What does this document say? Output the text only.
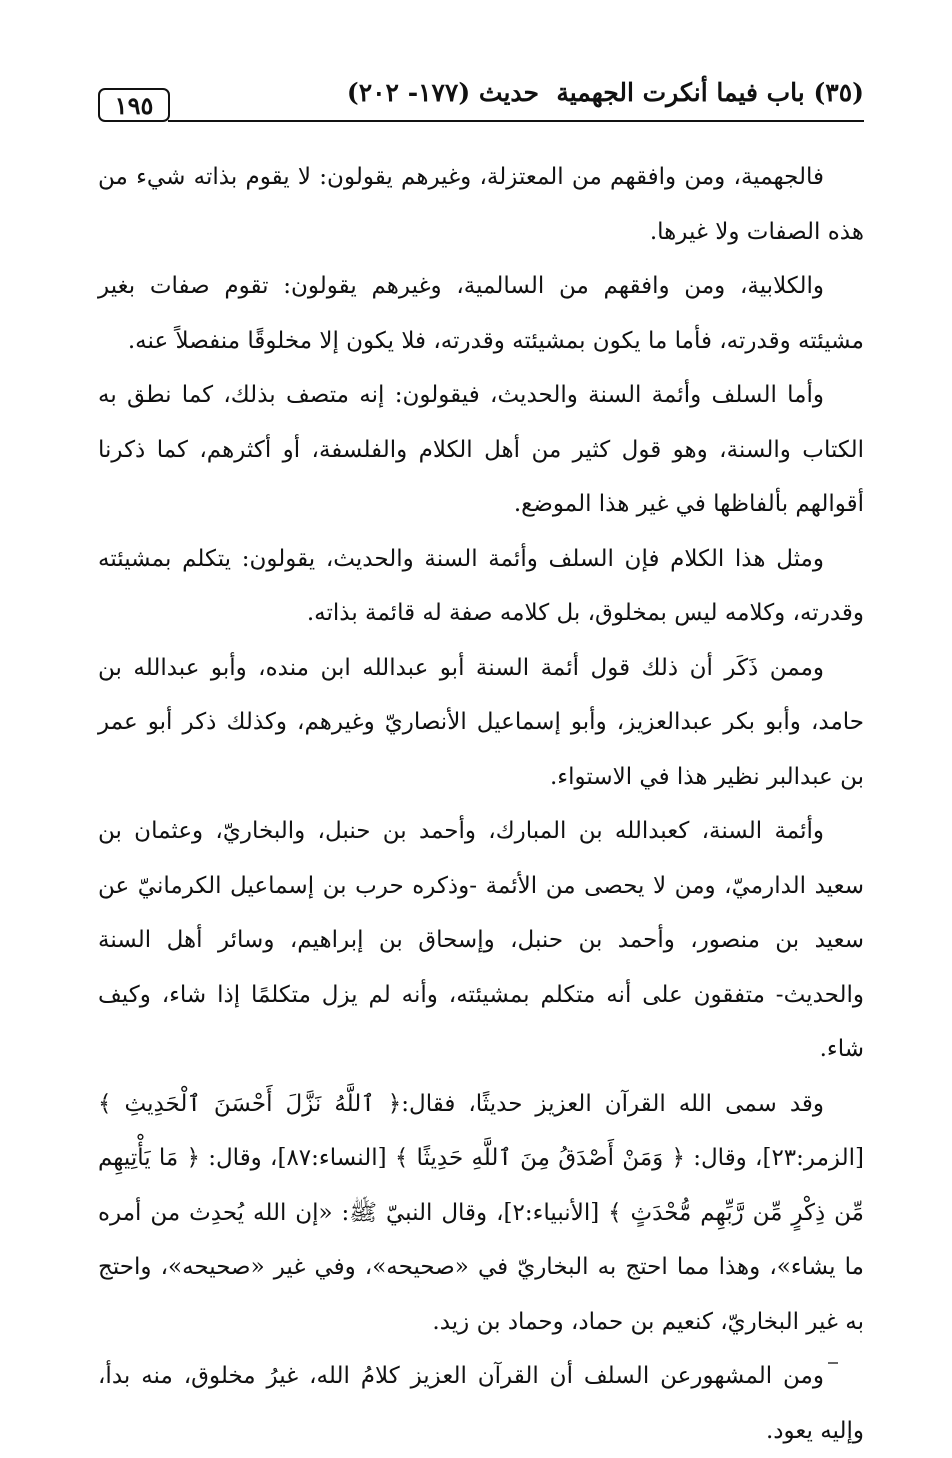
(٣٥) باب فيما أنكرت الجهمية
حديث (١٧٧- ٢٠٢)
١٩٥

فالجهمية، ومن وافقهم من المعتزلة، وغيرهم يقولون: لا يقوم بذاته شيء من هذه الصفات ولا غيرها.

والكلابية، ومن وافقهم من السالمية، وغيرهم يقولون: تقوم صفات بغير مشيئته وقدرته، فأما ما يكون بمشيئته وقدرته، فلا يكون إلا مخلوقًا منفصلاً عنه.

وأما السلف وأئمة السنة والحديث، فيقولون: إنه متصف بذلك، كما نطق به الكتاب والسنة، وهو قول كثير من أهل الكلام والفلسفة، أو أكثرهم، كما ذكرنا أقوالهم بألفاظها في غير هذا الموضع.

ومثل هذا الكلام فإن السلف وأئمة السنة والحديث، يقولون: يتكلم بمشيئته وقدرته، وكلامه ليس بمخلوق، بل كلامه صفة له قائمة بذاته.

وممن ذَكَر أن ذلك قول أئمة السنة أبو عبدالله ابن منده، وأبو عبدالله بن حامد، وأبو بكر عبدالعزيز، وأبو إسماعيل الأنصاريّ وغيرهم، وكذلك ذكر أبو عمر بن عبدالبر نظير هذا في الاستواء.

وأئمة السنة، كعبدالله بن المبارك، وأحمد بن حنبل، والبخاريّ، وعثمان بن سعيد الدارميّ، ومن لا يحصى من الأئمة -وذكره حرب بن إسماعيل الكرمانيّ عن سعيد بن منصور، وأحمد بن حنبل، وإسحاق بن إبراهيم، وسائر أهل السنة والحديث- متفقون على أنه متكلم بمشيئته، وأنه لم يزل متكلمًا إذا شاء، وكيف شاء.

وقد سمى الله القرآن العزيز حديثًا، فقال:﴿ ٱللَّهُ نَزَّلَ أَحْسَنَ ٱلْحَدِيثِ ﴾ [الزمر:٢٣]، وقال: ﴿ وَمَنْ أَصْدَقُ مِنَ ٱللَّهِ حَدِيثًا ﴾ [النساء:٨٧]، وقال: ﴿ مَا يَأْتِيهِم مِّن ذِكْرٍ مِّن رَّبِّهِم مُّحْدَثٍ ﴾ [الأنبياء:٢]، وقال النبيّ ﷺ: «إن الله يُحدِث من أمره ما يشاء»، وهذا مما احتج به البخاريّ في «صحيحه»، وفي غير «صحيحه»، واحتج به غير البخاريّ، كنعيم بن حماد، وحماد بن زيد.

ومن المشهورعن السلف أن القرآن العزيز كلامُ الله، غيرُ مخلوق، منه بدأ، وإليه يعود.
